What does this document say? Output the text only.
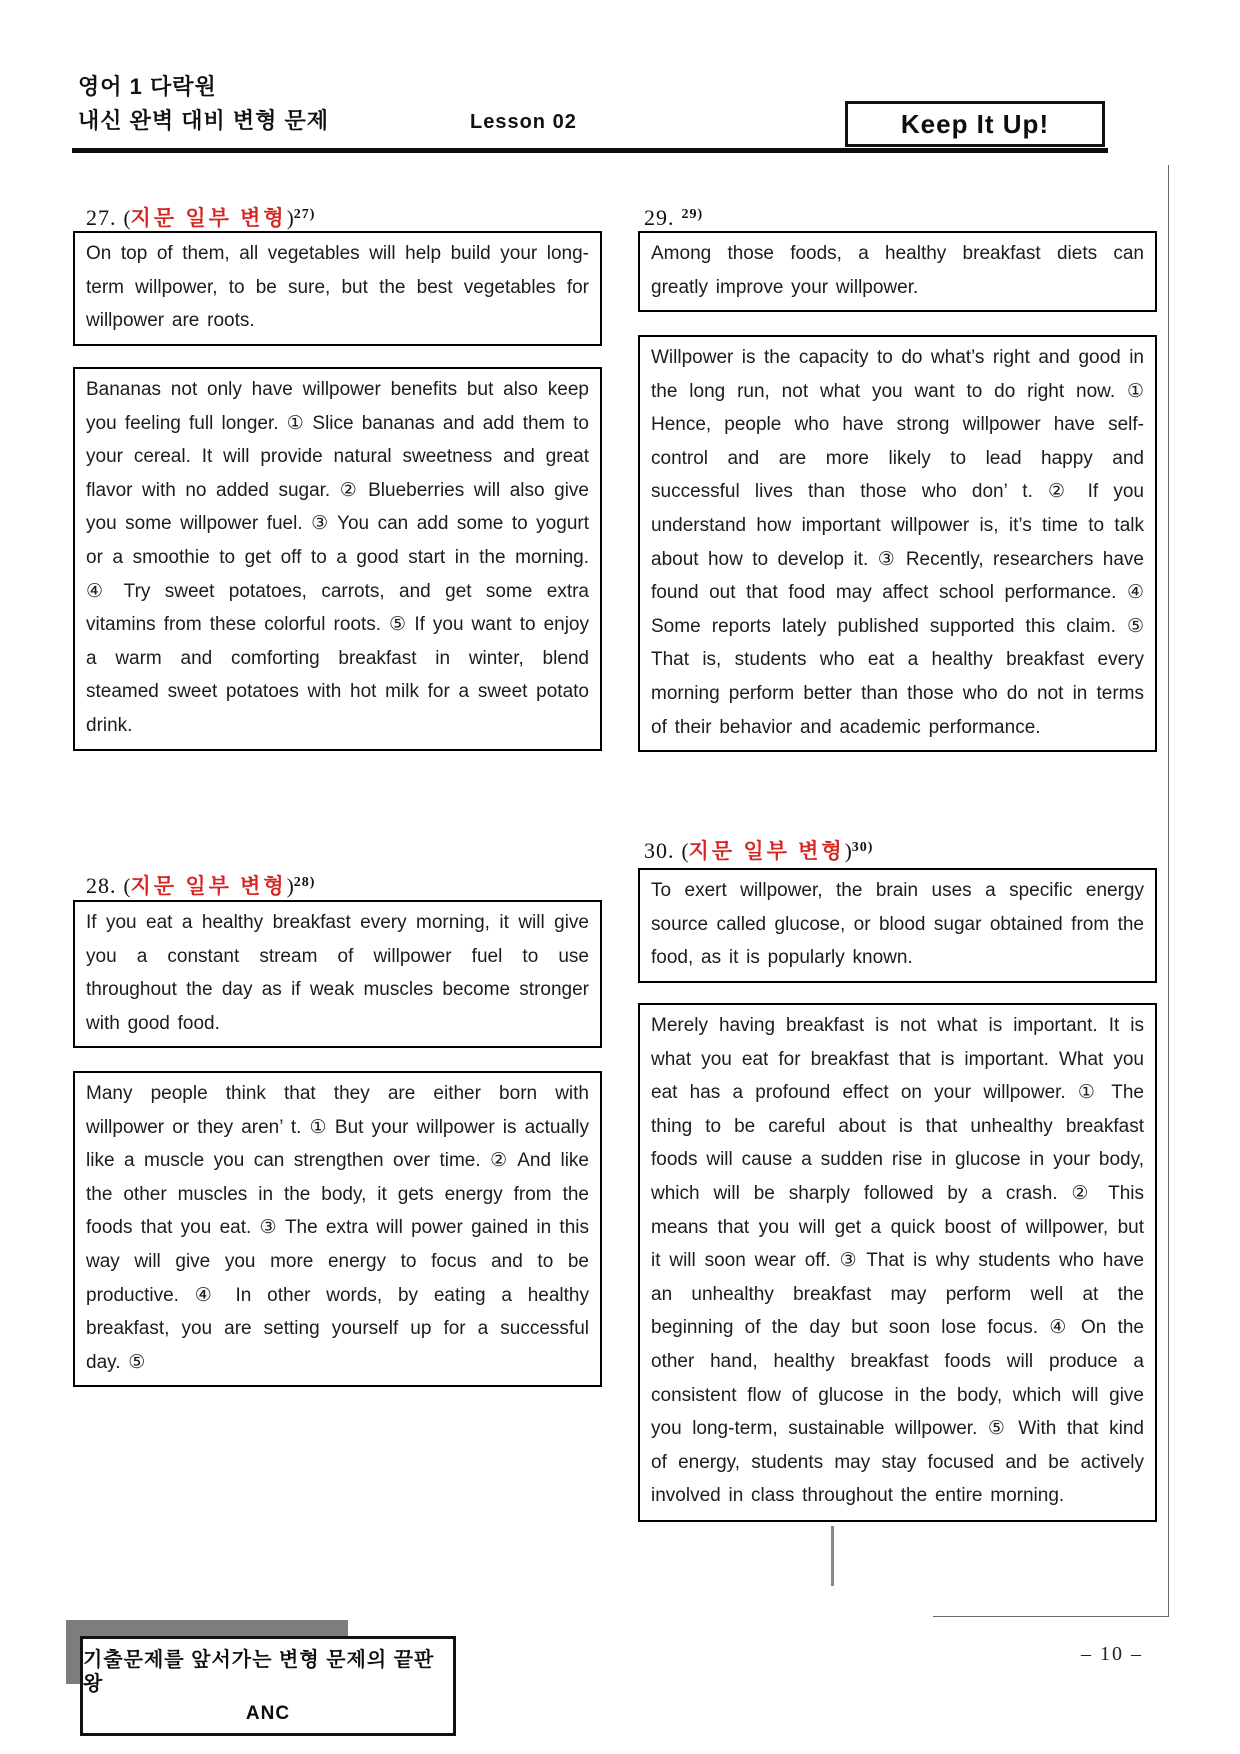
영어 1 다락원
내신 완벽 대비 변형 문제	Lesson 02	Keep It Up!
27. (지문 일부 변형)$^{27)}$

On top of them, all vegetables will help build your long-term willpower, to be sure, but the best vegetables for willpower are roots.

Bananas not only have willpower benefits but also keep you feeling full longer. ① Slice bananas and add them to your cereal. It will provide natural sweetness and great flavor with no added sugar. ② Blueberries will also give you some willpower fuel. ③ You can add some to yogurt or a smoothie to get off to a good start in the morning. ④ Try sweet potatoes, carrots, and get some extra vitamins from these colorful roots. ⑤ If you want to enjoy a warm and comforting breakfast in winter, blend steamed sweet potatoes with hot milk for a sweet potato drink.

28. (지문 일부 변형)$^{28)}$

If you eat a healthy breakfast every morning, it will give you a constant stream of willpower fuel to use throughout the day as if weak muscles become stronger with good food.

Many people think that they are either born with willpower or they aren’ t. ① But your willpower is actually like a muscle you can strengthen over time. ② And like the other muscles in the body, it gets energy from the foods that you eat. ③ The extra will power gained in this way will give you more energy to focus and to be productive. ④ In other words, by eating a healthy breakfast, you are setting yourself up for a successful day. ⑤

29. $^{29)}$

Among those foods, a healthy breakfast diets can greatly improve your willpower.

Willpower is the capacity to do what’s right and good in the long run, not what you want to do right now. ① Hence, people who have strong willpower have self-control and are more likely to lead happy and successful lives than those who don’ t. ② If you understand how important willpower is, it’s time to talk about how to develop it. ③ Recently, researchers have found out that food may affect school performance. ④ Some reports lately published supported this claim. ⑤ That is, students who eat a healthy breakfast every morning perform better than those who do not in terms of their behavior and academic performance.

30. (지문 일부 변형)$^{30)}$

To exert willpower, the brain uses a specific energy source called glucose, or blood sugar obtained from the food, as it is popularly known.

Merely having breakfast is not what is important. It is what you eat for breakfast that is important. What you eat has a profound effect on your willpower. ① The thing to be careful about is that unhealthy breakfast foods will cause a sudden rise in glucose in your body, which will be sharply followed by a crash. ② This means that you will get a quick boost of willpower, but it will soon wear off. ③ That is why students who have an unhealthy breakfast may perform well at the beginning of the day but soon lose focus. ④ On the other hand, healthy breakfast foods will produce a consistent flow of glucose in the body, which will give you long-term, sustainable willpower. ⑤ With that kind of energy, students may stay focused and be actively involved in class throughout the entire morning.

기출문제를 앞서가는 변형 문제의 끝판왕
ANC
– 10 –
